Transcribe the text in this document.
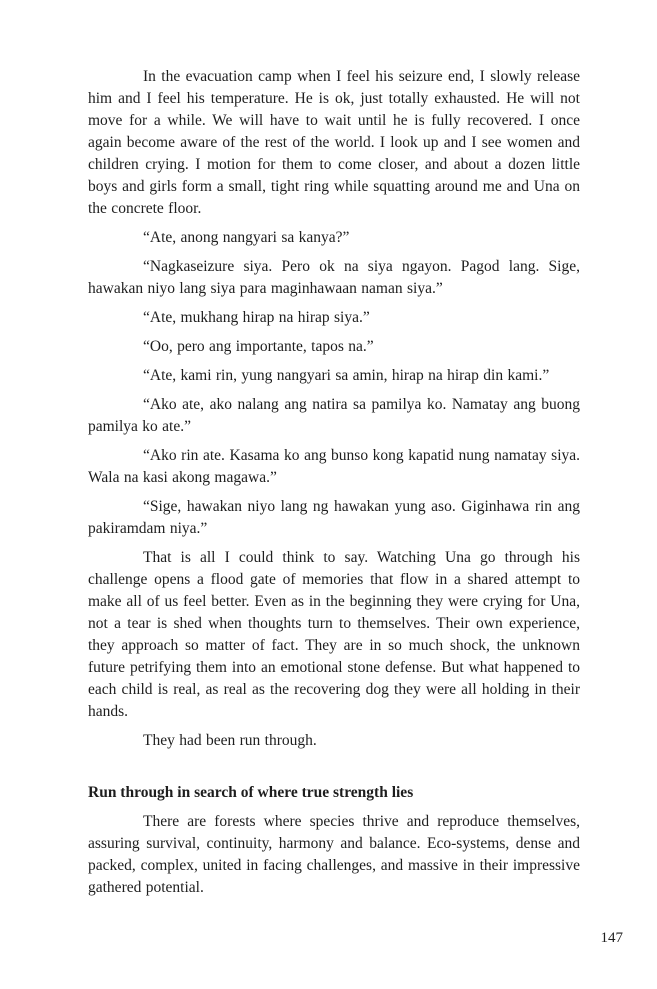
In the evacuation camp when I feel his seizure end, I slowly release him and I feel his temperature. He is ok, just totally exhausted. He will not move for a while. We will have to wait until he is fully recovered. I once again become aware of the rest of the world. I look up and I see women and children crying. I motion for them to come closer, and about a dozen little boys and girls form a small, tight ring while squatting around me and Una on the concrete floor.

“Ate, anong nangyari sa kanya?”

“Nagkaseizure siya. Pero ok na siya ngayon. Pagod lang. Sige, hawakan niyo lang siya para maginhawaan naman siya.”

“Ate, mukhang hirap na hirap siya.”

“Oo, pero ang importante, tapos na.”

“Ate, kami rin, yung nangyari sa amin, hirap na hirap din kami.”

“Ako ate, ako nalang ang natira sa pamilya ko. Namatay ang buong pamilya ko ate.”

“Ako rin ate. Kasama ko ang bunso kong kapatid nung namatay siya. Wala na kasi akong magawa.”

“Sige, hawakan niyo lang ng hawakan yung aso. Giginhawa rin ang pakiramdam niya.”

That is all I could think to say. Watching Una go through his challenge opens a flood gate of memories that flow in a shared attempt to make all of us feel better. Even as in the beginning they were crying for Una, not a tear is shed when thoughts turn to themselves. Their own experience, they approach so matter of fact. They are in so much shock, the unknown future petrifying them into an emotional stone defense. But what happened to each child is real, as real as the recovering dog they were all holding in their hands.

They had been run through.

Run through in search of where true strength lies

There are forests where species thrive and reproduce themselves, assuring survival, continuity, harmony and balance. Eco-systems, dense and packed, complex, united in facing challenges, and massive in their impressive gathered potential.

147
